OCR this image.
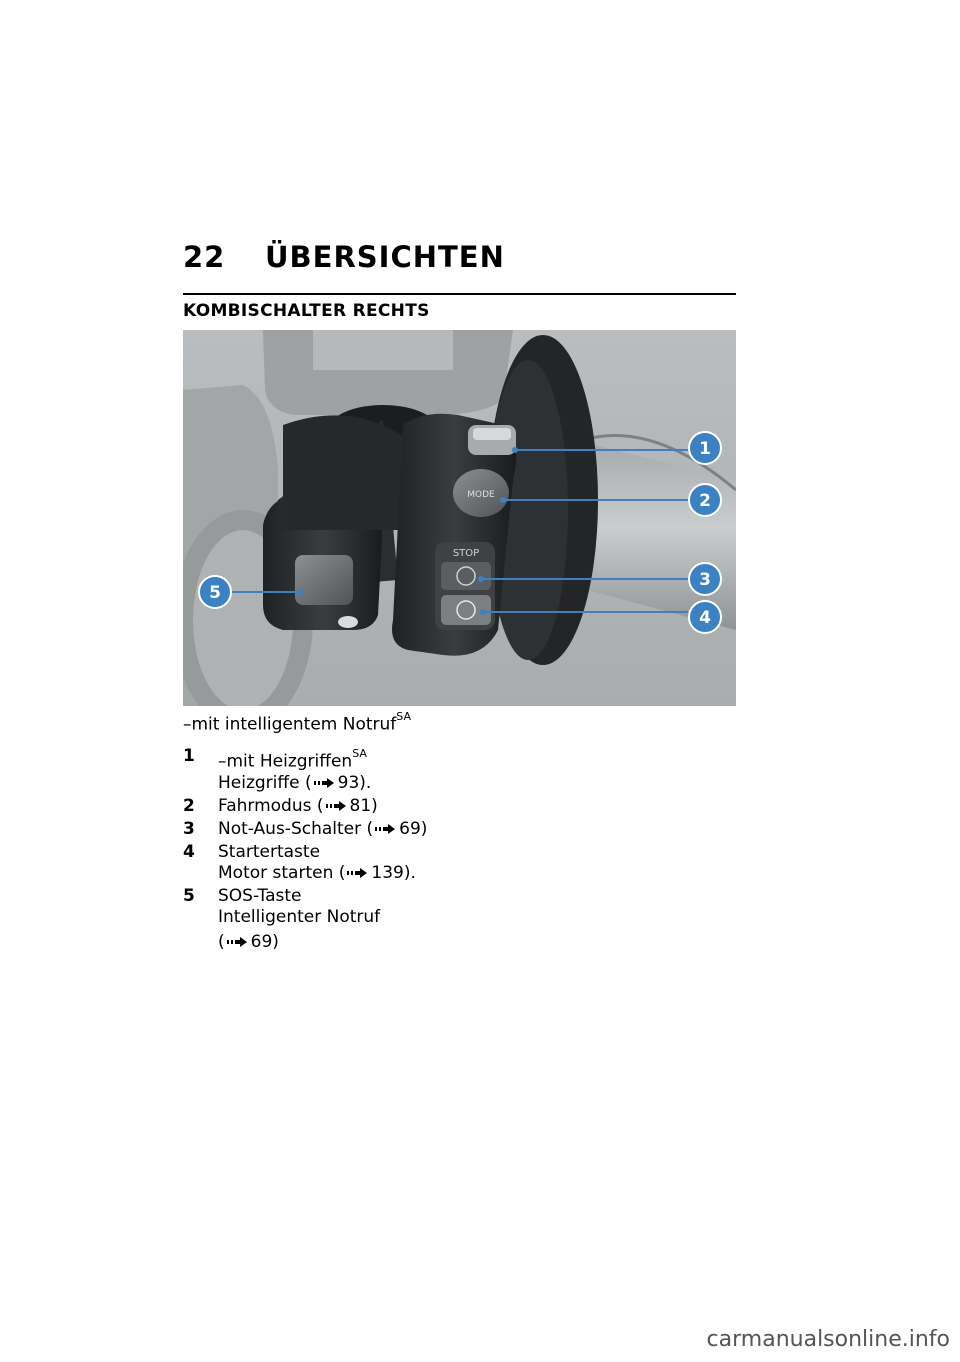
22 ÜBERSICHTEN
KOMBISCHALTER RECHTS
MODE
STOP
1
2
3
4
5
–mit intelligentem Notruf$^{SA}$
1 –mit Heizgriffen$^{SA}$
Heizgriffe ( 93).
2 Fahrmodus ( 81)
3 Not-Aus-Schalter ( 69)
4 Startertaste
Motor starten ( 139).
5 SOS-Taste
Intelligenter Notruf
( 69)
carmanualsonline.info
